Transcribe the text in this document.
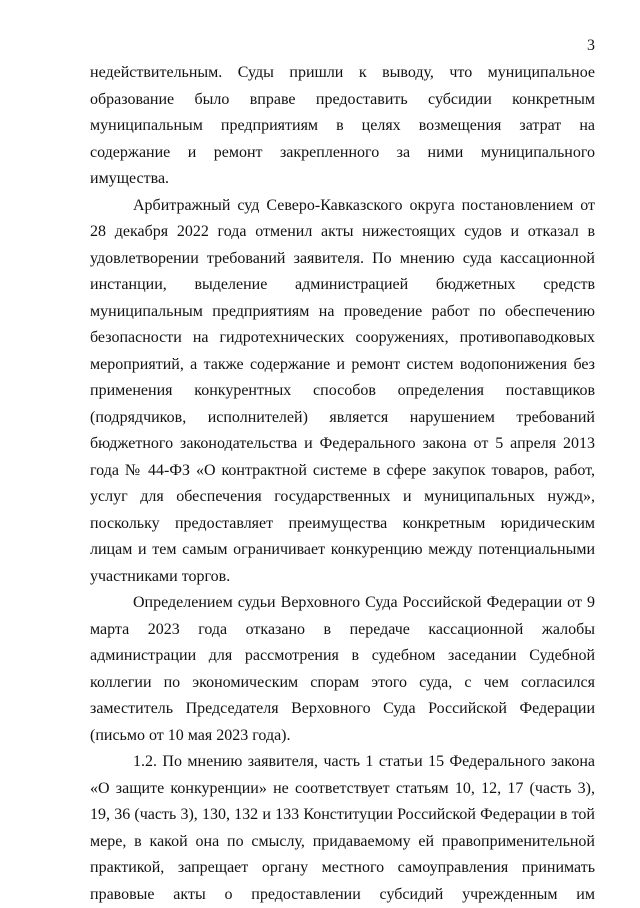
3

недействительным. Суды пришли к выводу, что муниципальное образование было вправе предоставить субсидии конкретным муниципальным предприятиям в целях возмещения затрат на содержание и ремонт закрепленного за ними муниципального имущества.

Арбитражный суд Северо-Кавказского округа постановлением от 28 декабря 2022 года отменил акты нижестоящих судов и отказал в удовлетворении требований заявителя. По мнению суда кассационной инстанции, выделение администрацией бюджетных средств муниципальным предприятиям на проведение работ по обеспечению безопасности на гидротехнических сооружениях, противопаводковых мероприятий, а также содержание и ремонт систем водопонижения без применения конкурентных способов определения поставщиков (подрядчиков, исполнителей) является нарушением требований бюджетного законодательства и Федерального закона от 5 апреля 2013 года № 44-ФЗ «О контрактной системе в сфере закупок товаров, работ, услуг для обеспечения государственных и муниципальных нужд», поскольку предоставляет преимущества конкретным юридическим лицам и тем самым ограничивает конкуренцию между потенциальными участниками торгов.

Определением судьи Верховного Суда Российской Федерации от 9 марта 2023 года отказано в передаче кассационной жалобы администрации для рассмотрения в судебном заседании Судебной коллегии по экономическим спорам этого суда, с чем согласился заместитель Председателя Верховного Суда Российской Федерации (письмо от 10 мая 2023 года).

1.2. По мнению заявителя, часть 1 статьи 15 Федерального закона «О защите конкуренции» не соответствует статьям 10, 12, 17 (часть 3), 19, 36 (часть 3), 130, 132 и 133 Конституции Российской Федерации в той мере, в какой она по смыслу, придаваемому ей правоприменительной практикой, запрещает органу местного самоуправления принимать правовые акты о предоставлении субсидий учрежденным им
